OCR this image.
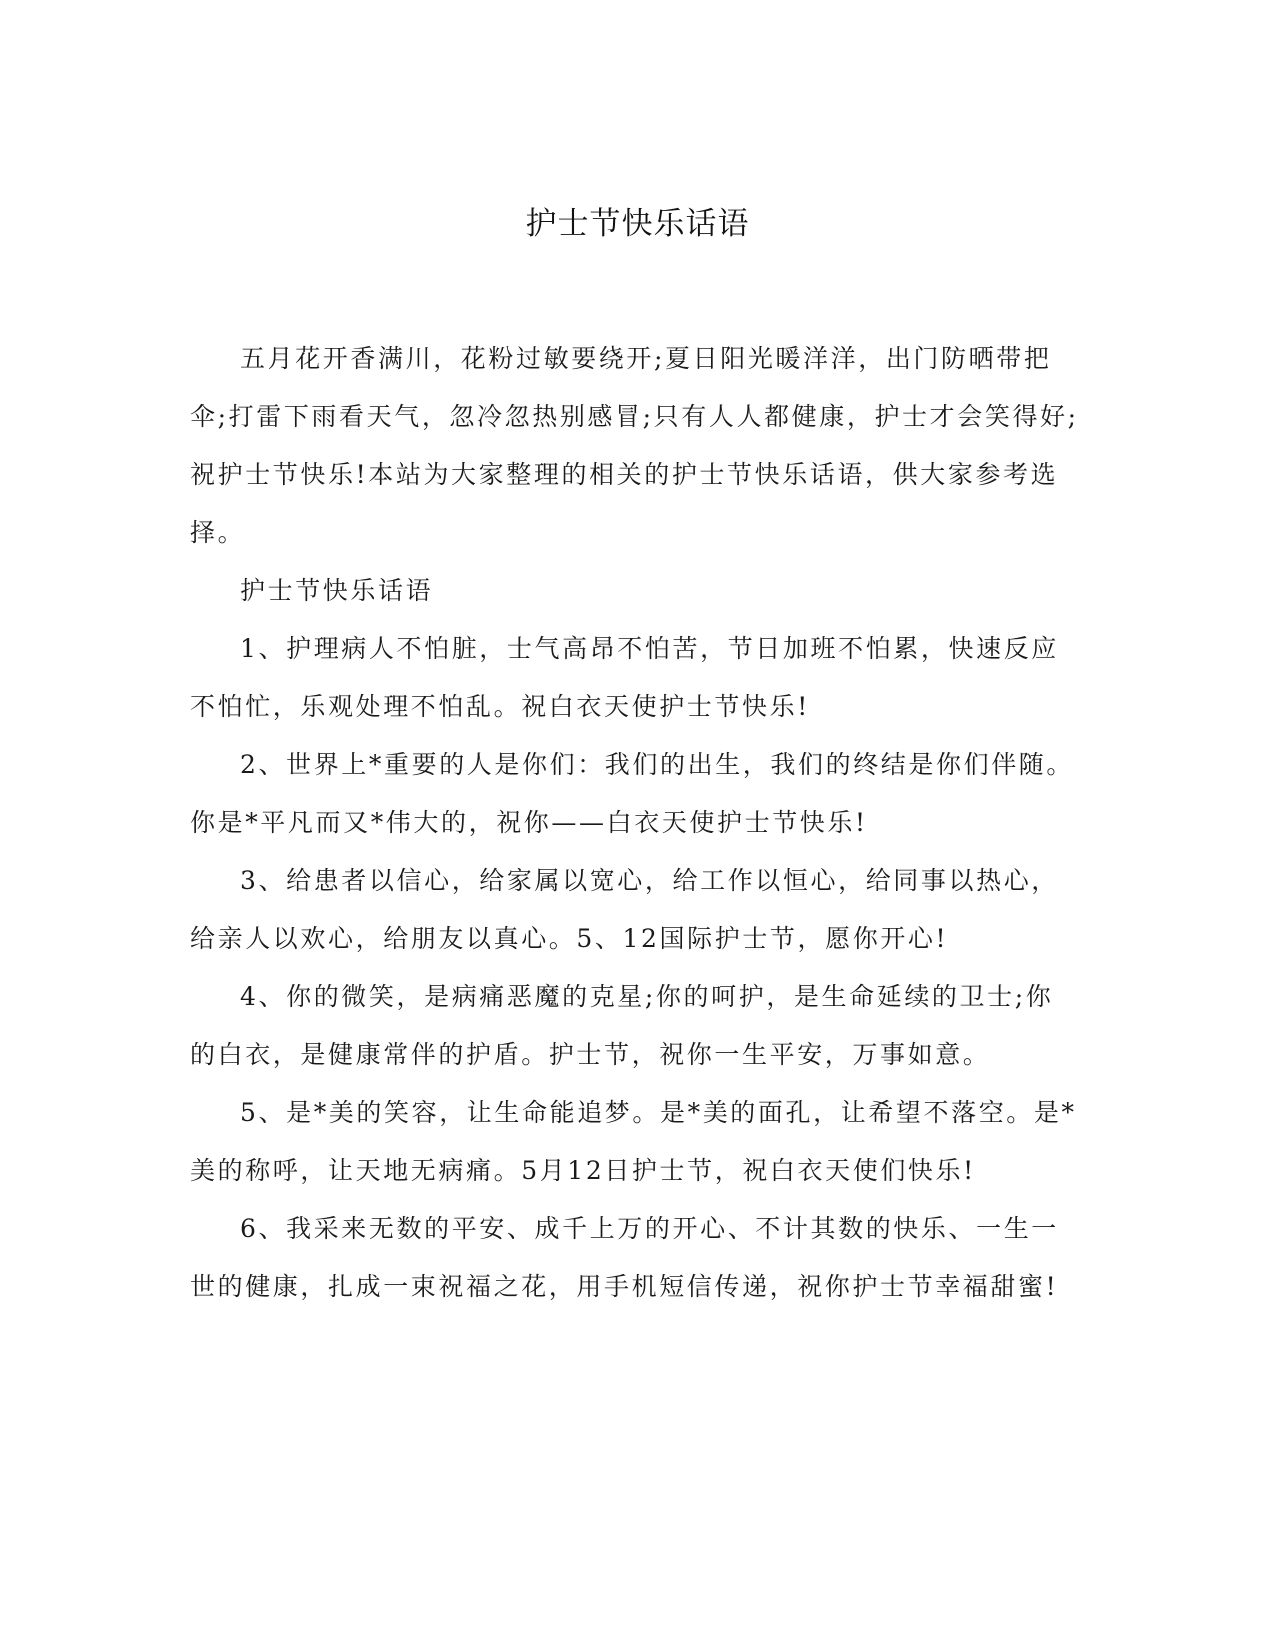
护士节快乐话语

五月花开香满川，花粉过敏要绕开;夏日阳光暖洋洋，出门防晒带把伞;打雷下雨看天气，忽冷忽热别感冒;只有人人都健康，护士才会笑得好;祝护士节快乐!本站为大家整理的相关的护士节快乐话语，供大家参考选择。

护士节快乐话语

1、护理病人不怕脏，士气高昂不怕苦，节日加班不怕累，快速反应不怕忙，乐观处理不怕乱。祝白衣天使护士节快乐!

2、世界上*重要的人是你们：我们的出生，我们的终结是你们伴随。你是*平凡而又*伟大的，祝你——白衣天使护士节快乐!

3、给患者以信心，给家属以宽心，给工作以恒心，给同事以热心，给亲人以欢心，给朋友以真心。5、12国际护士节，愿你开心!

4、你的微笑，是病痛恶魔的克星;你的呵护，是生命延续的卫士;你的白衣，是健康常伴的护盾。护士节，祝你一生平安，万事如意。

5、是*美的笑容，让生命能追梦。是*美的面孔，让希望不落空。是*美的称呼，让天地无病痛。5月12日护士节，祝白衣天使们快乐!

6、我采来无数的平安、成千上万的开心、不计其数的快乐、一生一世的健康，扎成一束祝福之花，用手机短信传递，祝你护士节幸福甜蜜!
